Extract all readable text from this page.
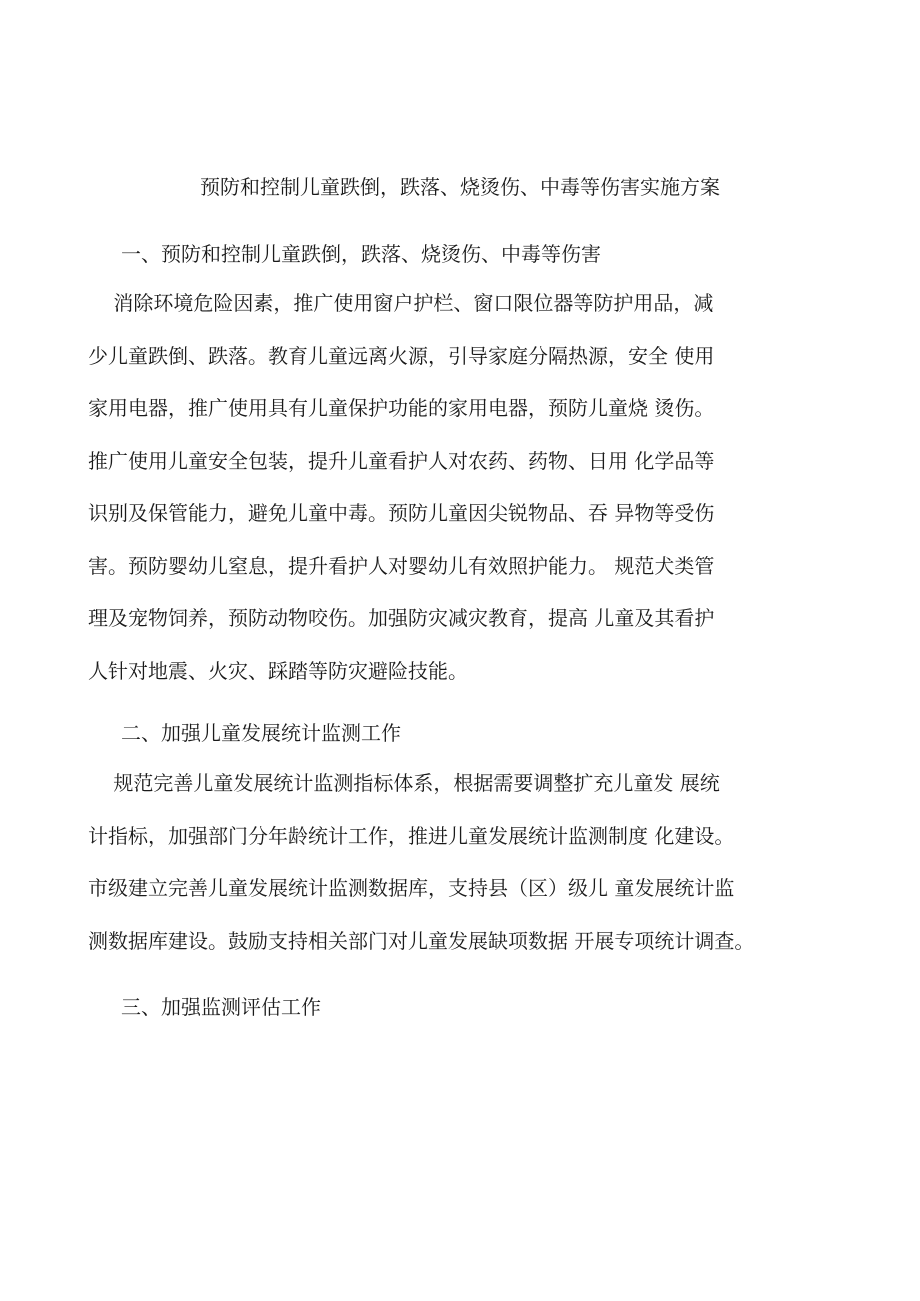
预防和控制儿童跌倒，跌落、烧烫伤、中毒等伤害实施方案
一、预防和控制儿童跌倒，跌落、烧烫伤、中毒等伤害
消除环境危险因素，推广使用窗户护栏、窗口限位器等防护用品，减
少儿童跌倒、跌落。教育儿童远离火源，引导家庭分隔热源，安全 使用
家用电器，推广使用具有儿童保护功能的家用电器，预防儿童烧 烫伤。
推广使用儿童安全包装，提升儿童看护人对农药、药物、日用 化学品等
识别及保管能力，避免儿童中毒。预防儿童因尖锐物品、吞 异物等受伤
害。预防婴幼儿窒息，提升看护人对婴幼儿有效照护能力。 规范犬类管
理及宠物饲养，预防动物咬伤。加强防灾减灾教育，提高 儿童及其看护
人针对地震、火灾、踩踏等防灾避险技能。
二、加强儿童发展统计监测工作
规范完善儿童发展统计监测指标体系，根据需要调整扩充儿童发 展统
计指标，加强部门分年龄统计工作，推进儿童发展统计监测制度 化建设。
市级建立完善儿童发展统计监测数据库，支持县（区）级儿 童发展统计监
测数据库建设。鼓励支持相关部门对儿童发展缺项数据 开展专项统计调查。
三、加强监测评估工作
